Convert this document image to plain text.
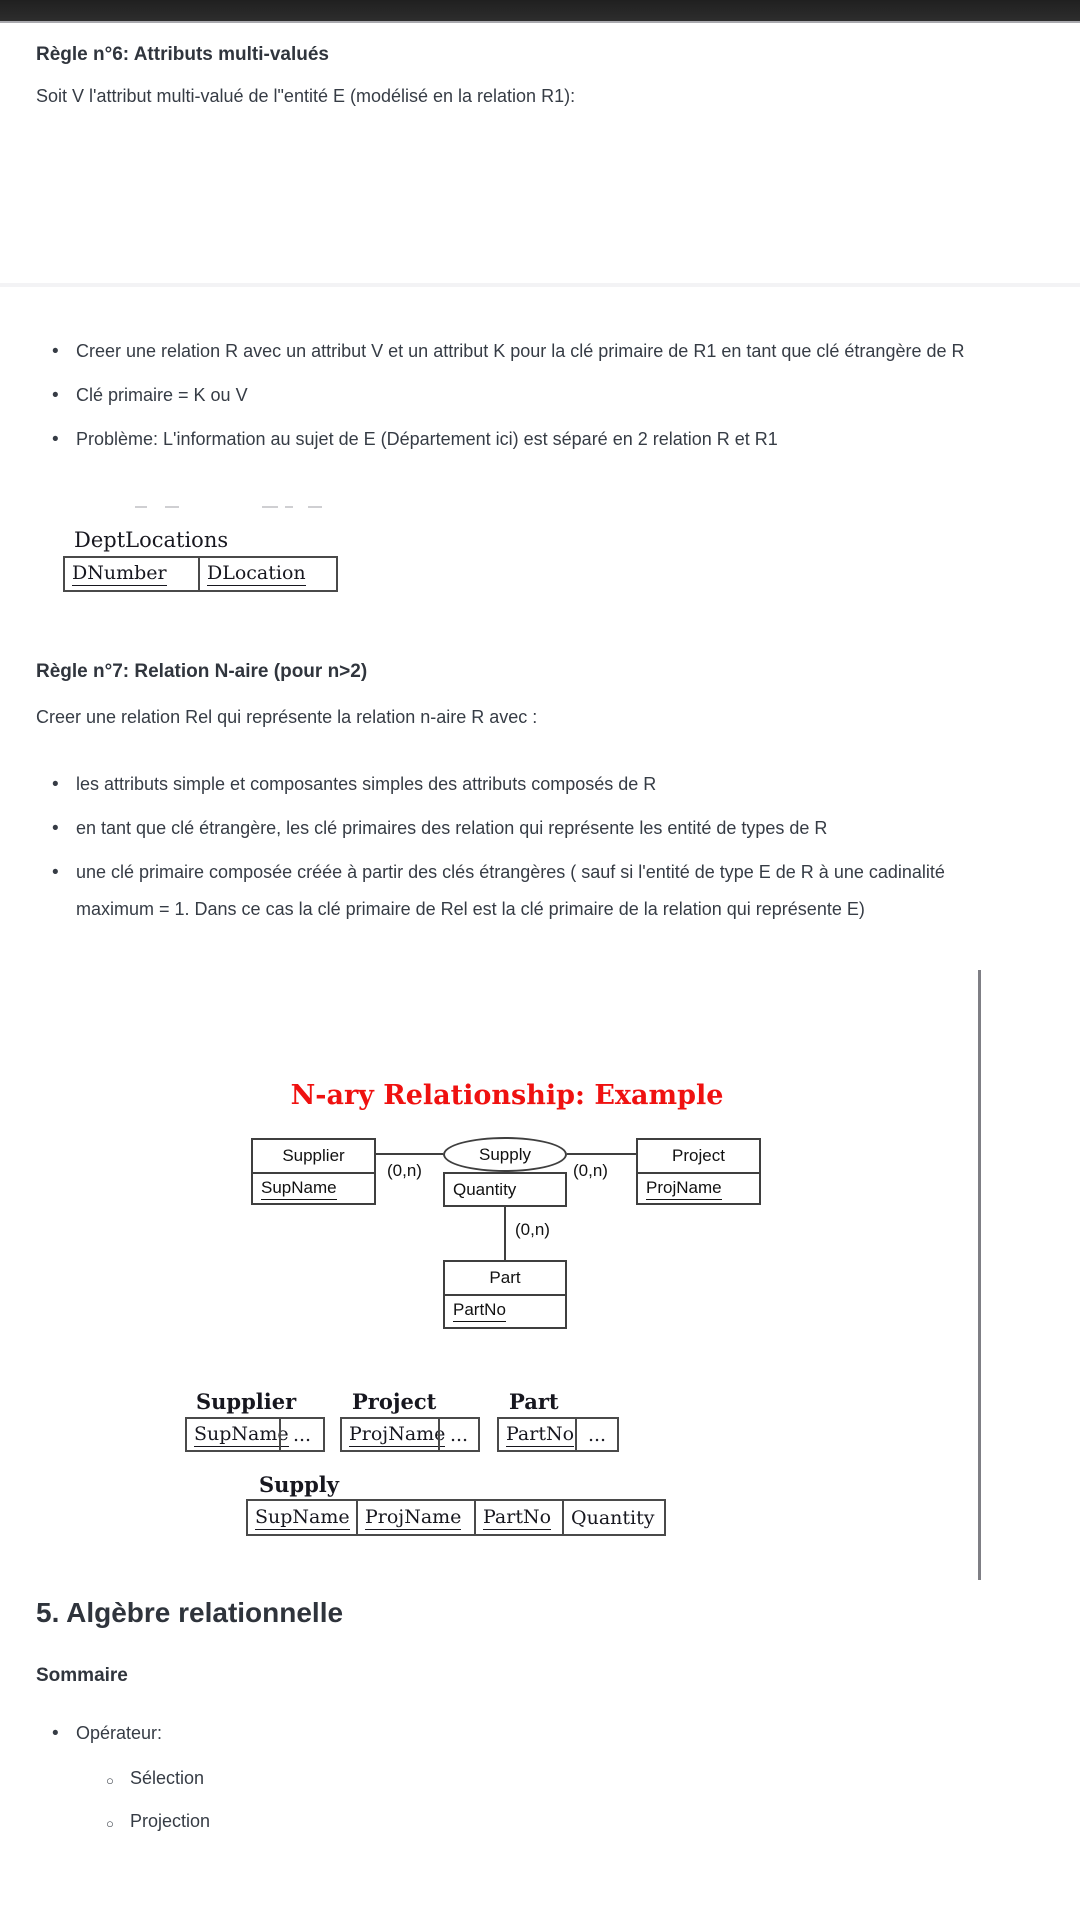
Règle n°6: Attributs multi-valués
Soit V l'attribut multi-valué de l"entité E (modélisé en la relation R1):
• Creer une relation R avec un attribut V et un attribut K pour la clé primaire de R1 en tant que clé étrangère de R
• Clé primaire = K ou V
• Problème: L'information au sujet de E (Département ici) est séparé en 2 relation R et R1
DeptLocations
DNumber DLocation
Règle n°7: Relation N-aire (pour n>2)
Creer une relation Rel qui représente la relation n-aire R avec :
• les attributs simple et composantes simples des attributs composés de R
• en tant que clé étrangère, les clé primaires des relation qui représente les entité de types de R
• une clé primaire composée créée à partir des clés étrangères ( sauf si l'entité de type E de R à une cadinalité maximum = 1. Dans ce cas la clé primaire de Rel est la clé primaire de la relation qui représente E)
N-ary Relationship: Example
Supplier
SupName
Project
ProjName
Supply
Quantity
Part
PartNo
(0,n)	(0,n)
(0,n)
Supplier
SupName ...
Project
ProjName ...
Part
PartNo ...
Supply
SupName ProjName PartNo	Quantity
5. Algèbre relationnelle
Sommaire
• Opérateur:
○ Sélection
○ Projection
